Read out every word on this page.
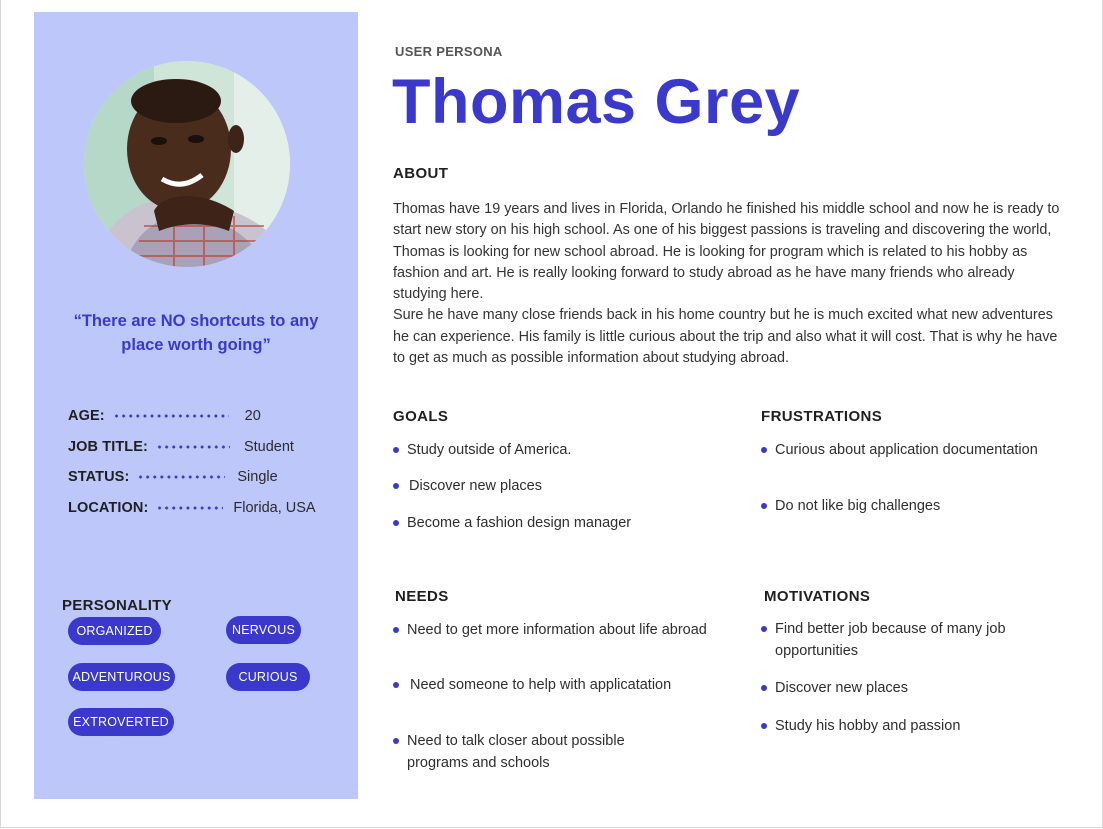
“There are NO shortcuts to any place worth going”
AGE:	20
JOB TITLE:	Student
STATUS:	Single
LOCATION:	Florida, USA
PERSONALITY
ORGANIZED	NERVOUS
ADVENTUROUS	CURIOUS
EXTROVERTED
USER PERSONA
Thomas Grey
ABOUT

Thomas have 19 years and lives in Florida, Orlando he finished his middle school and now he is ready to start new story on his high school. As one of his biggest passions is traveling and discovering the world, Thomas is looking for new school abroad. He is looking for program which is related to his hobby as fashion and art. He is really looking forward to study abroad as he have many friends who already studying here.

Sure he have many close friends back in his home country but he is much excited what new adventures he can experience. His family is little curious about the trip and also what it will cost. That is why he have to get as much as possible information about studying abroad.

GOALS
Study outside of America.
Discover new places
Become a fashion design manager
FRUSTRATIONS
Curious about application documentation
Do not like big challenges
NEEDS
Need to get more information about life abroad
Need someone to help with applicatation
Need to talk closer about possible programs and schools
MOTIVATIONS
Find better job because of many job opportunities
Discover new places
Study his hobby and passion
